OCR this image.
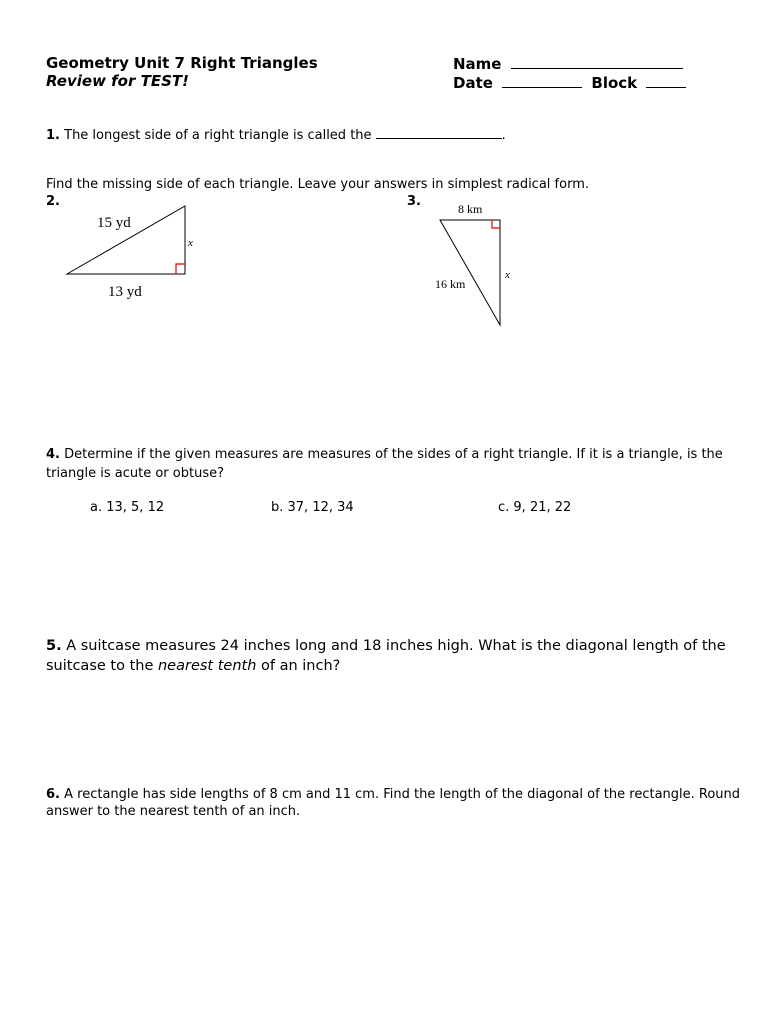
Geometry Unit 7 Right Triangles
Review for TEST!
Name
Date	Block
1. The longest side of a right triangle is called the	.
Find the missing side of each triangle. Leave your answers in simplest radical form.
2.
15 yd
x
13 yd
3.	8 km
16 km
x
4. Determine if the given measures are measures of the sides of a right triangle. If it is a triangle, is the
triangle is acute or obtuse?
a. 13, 5, 12	b. 37, 12, 34	c. 9, 21, 22
5. A suitcase measures 24 inches long and 18 inches high. What is the diagonal length of the
suitcase to the nearest tenth of an inch?
6. A rectangle has side lengths of 8 cm and 11 cm. Find the length of the diagonal of the rectangle. Round
answer to the nearest tenth of an inch.
